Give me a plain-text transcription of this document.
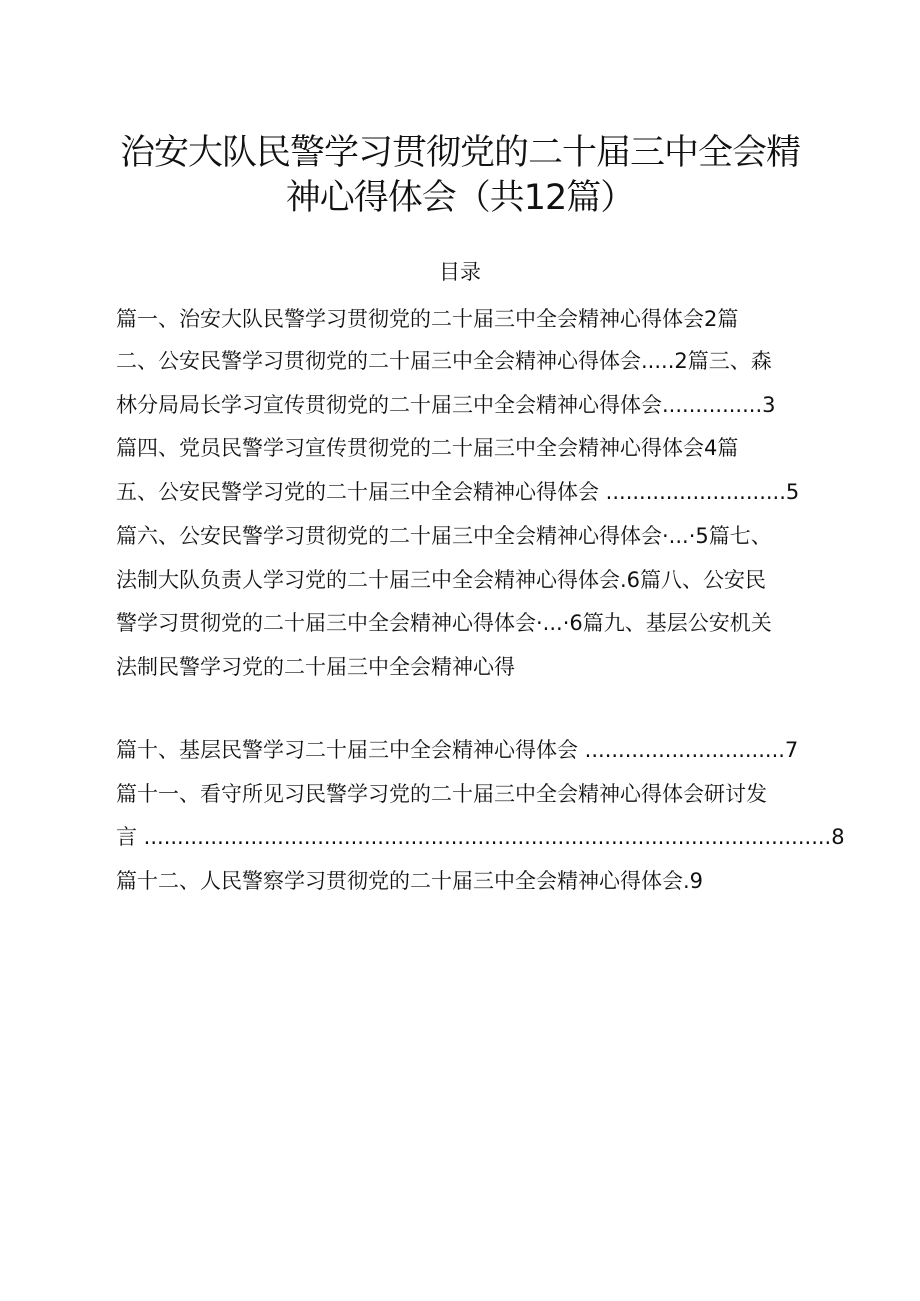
治安大队民警学习贯彻党的二十届三中全会精
神心得体会（共12篇）
目录

篇一、治安大队民警学习贯彻党的二十届三中全会精神心得体会2篇

二、公安民警学习贯彻党的二十届三中全会精神心得体会.....2篇三、森

林分局局长学习宣传贯彻党的二十届三中全会精神心得体会...............3

篇四、党员民警学习宣传贯彻党的二十届三中全会精神心得体会4篇

五、公安民警学习党的二十届三中全会精神心得体会 ...........................5

篇六、公安民警学习贯彻党的二十届三中全会精神心得体会·...·5篇七、

法制大队负责人学习党的二十届三中全会精神心得体会.6篇八、公安民

警学习贯彻党的二十届三中全会精神心得体会·...·6篇九、基层公安机关

法制民警学习党的二十届三中全会精神心得

篇十、基层民警学习二十届三中全会精神心得体会 ..............................7

篇十一、看守所见习民警学习党的二十届三中全会精神心得体会研讨发

言 .......................................................................................................8

篇十二、人民警察学习贯彻党的二十届三中全会精神心得体会.9
